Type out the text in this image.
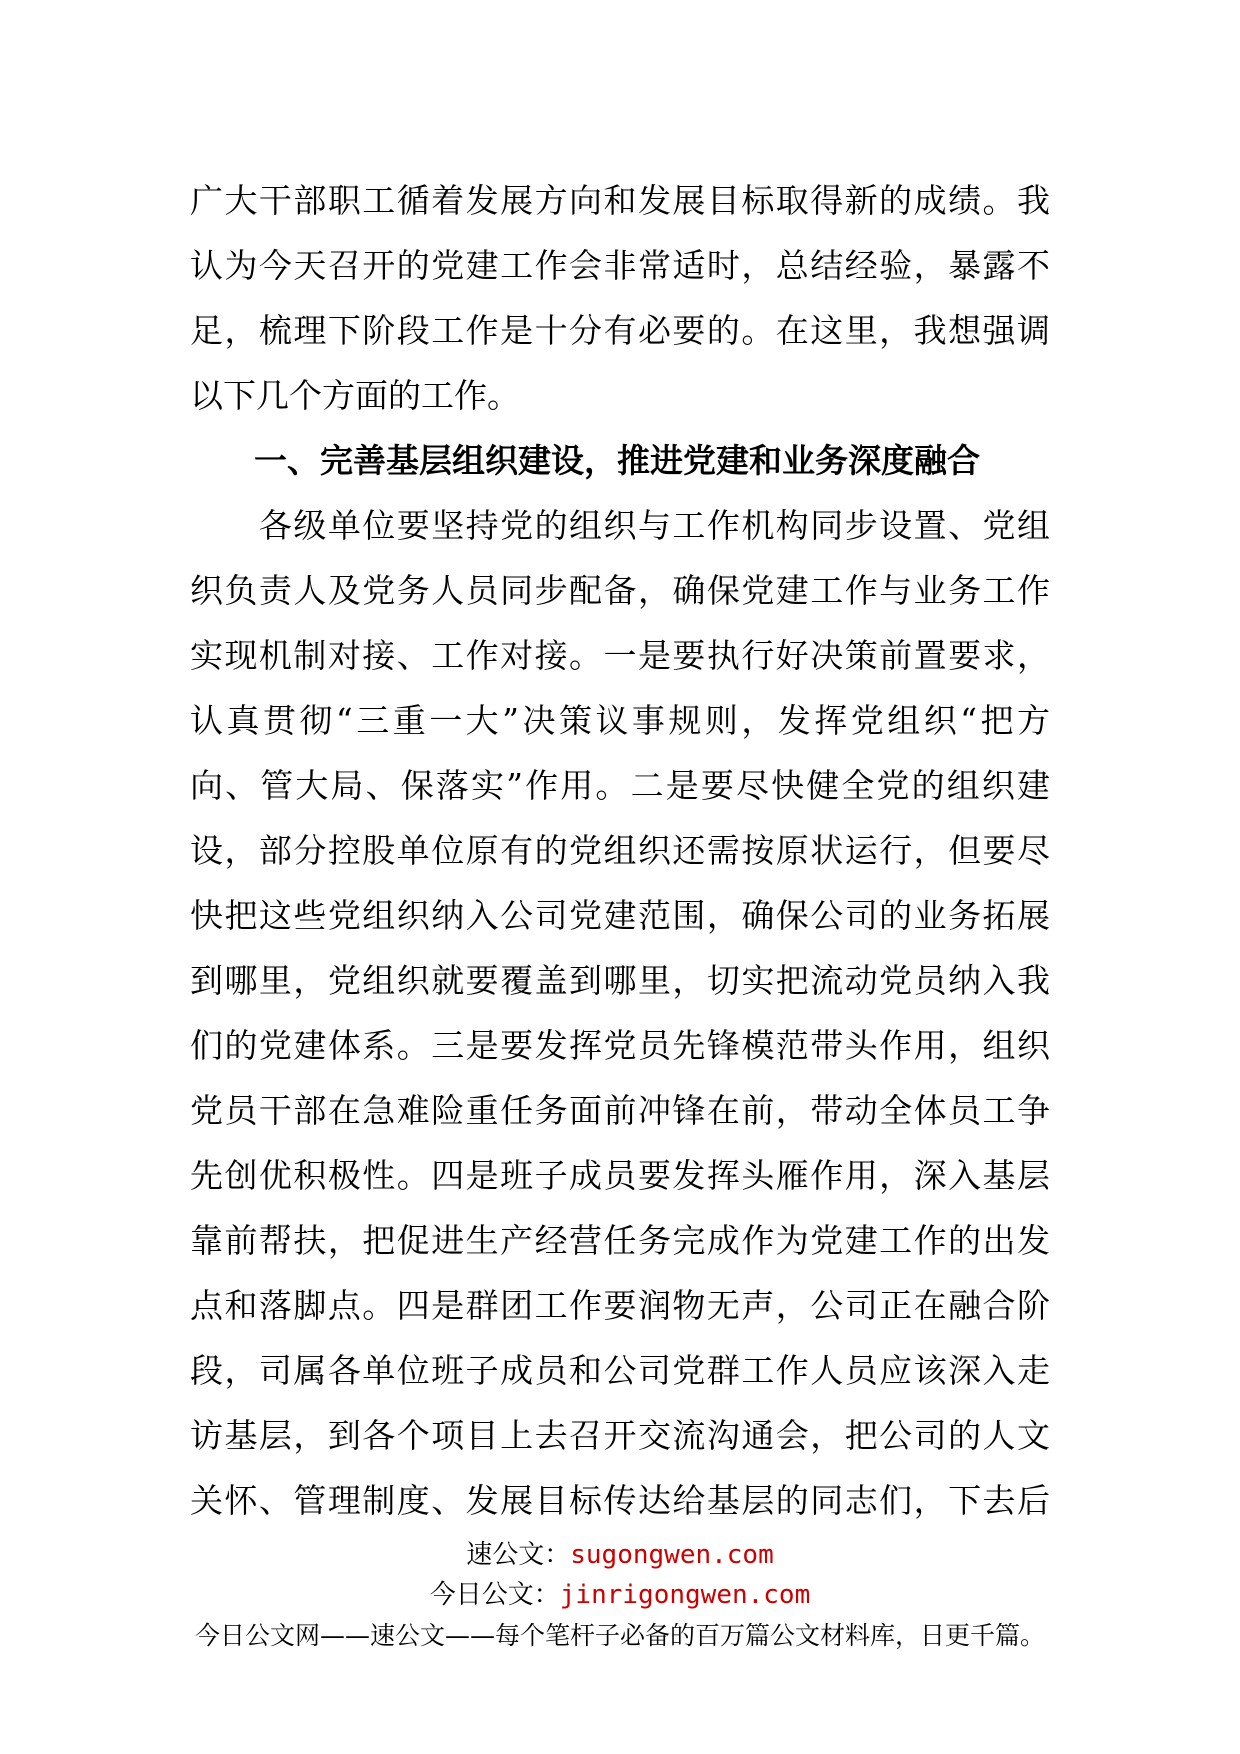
广大干部职工循着发展方向和发展目标取得新的成绩。我
认为今天召开的党建工作会非常适时，总结经验，暴露不
足，梳理下阶段工作是十分有必要的。在这里，我想强调
以下几个方面的工作。
一、完善基层组织建设，推进党建和业务深度融合
　　各级单位要坚持党的组织与工作机构同步设置、党组
织负责人及党务人员同步配备，确保党建工作与业务工作
实现机制对接、工作对接。一是要执行好决策前置要求，
认真贯彻“三重一大”决策议事规则，发挥党组织“把方
向、管大局、保落实”作用。二是要尽快健全党的组织建
设，部分控股单位原有的党组织还需按原状运行，但要尽
快把这些党组织纳入公司党建范围，确保公司的业务拓展
到哪里，党组织就要覆盖到哪里，切实把流动党员纳入我
们的党建体系。三是要发挥党员先锋模范带头作用，组织
党员干部在急难险重任务面前冲锋在前，带动全体员工争
先创优积极性。四是班子成员要发挥头雁作用，深入基层
靠前帮扶，把促进生产经营任务完成作为党建工作的出发
点和落脚点。四是群团工作要润物无声，公司正在融合阶
段，司属各单位班子成员和公司党群工作人员应该深入走
访基层，到各个项目上去召开交流沟通会，把公司的人文
关怀、管理制度、发展目标传达给基层的同志们，下去后
速公文：sugongwen.com
今日公文：jinrigongwen.com
今日公文网——速公文——每个笔杆子必备的百万篇公文材料库，日更千篇。
